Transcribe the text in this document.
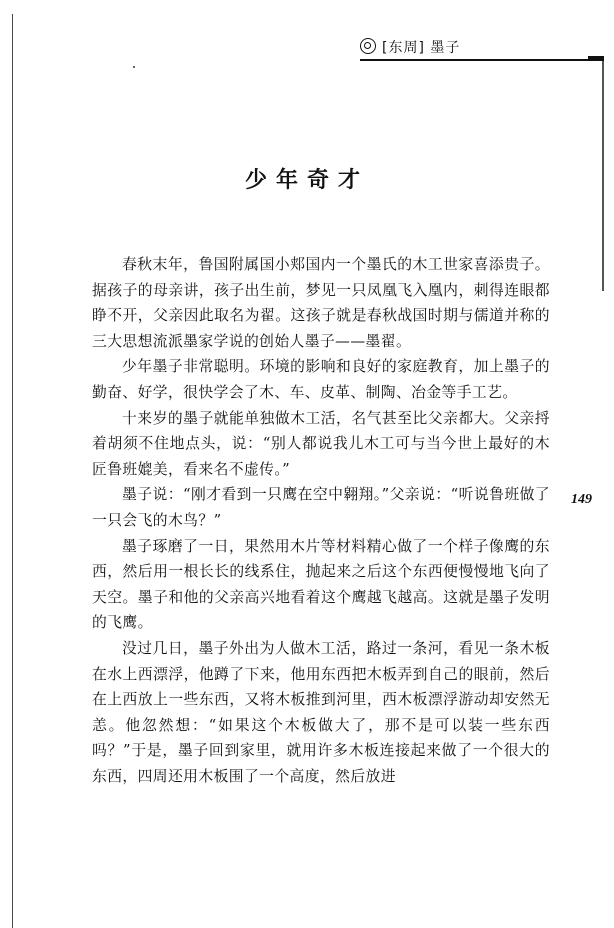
[东周] 墨子
少年奇才

春秋末年，鲁国附属国小郏国内一个墨氏的木工世家喜添贵子。据孩子的母亲讲，孩子出生前，梦见一只凤凰飞入凰内，刺得连眼都睁不开，父亲因此取名为翟。这孩子就是春秋战国时期与儒道并称的三大思想流派墨家学说的创始人墨子——墨翟。

少年墨子非常聪明。环境的影响和良好的家庭教育，加上墨子的勤奋、好学，很快学会了木、车、皮革、制陶、冶金等手工艺。

十来岁的墨子就能单独做木工活，名气甚至比父亲都大。父亲捋着胡须不住地点头，说：“别人都说我儿木工可与当今世上最好的木匠鲁班媲美，看来名不虚传。”

墨子说：“刚才看到一只鹰在空中翱翔。”父亲说：“听说鲁班做了一只会飞的木鸟？”

墨子琢磨了一日，果然用木片等材料精心做了一个样子像鹰的东西，然后用一根长长的线系住，抛起来之后这个东西便慢慢地飞向了天空。墨子和他的父亲高兴地看着这个鹰越飞越高。这就是墨子发明的飞鹰。

没过几日，墨子外出为人做木工活，路过一条河，看见一条木板在水上西漂浮，他蹲了下来，他用东西把木板弄到自己的眼前，然后在上西放上一些东西，又将木板推到河里，西木板漂浮游动却安然无恙。他忽然想：“如果这个木板做大了，那不是可以装一些东西吗？”于是，墨子回到家里，就用许多木板连接起来做了一个很大的东西，四周还用木板围了一个高度，然后放进

149
